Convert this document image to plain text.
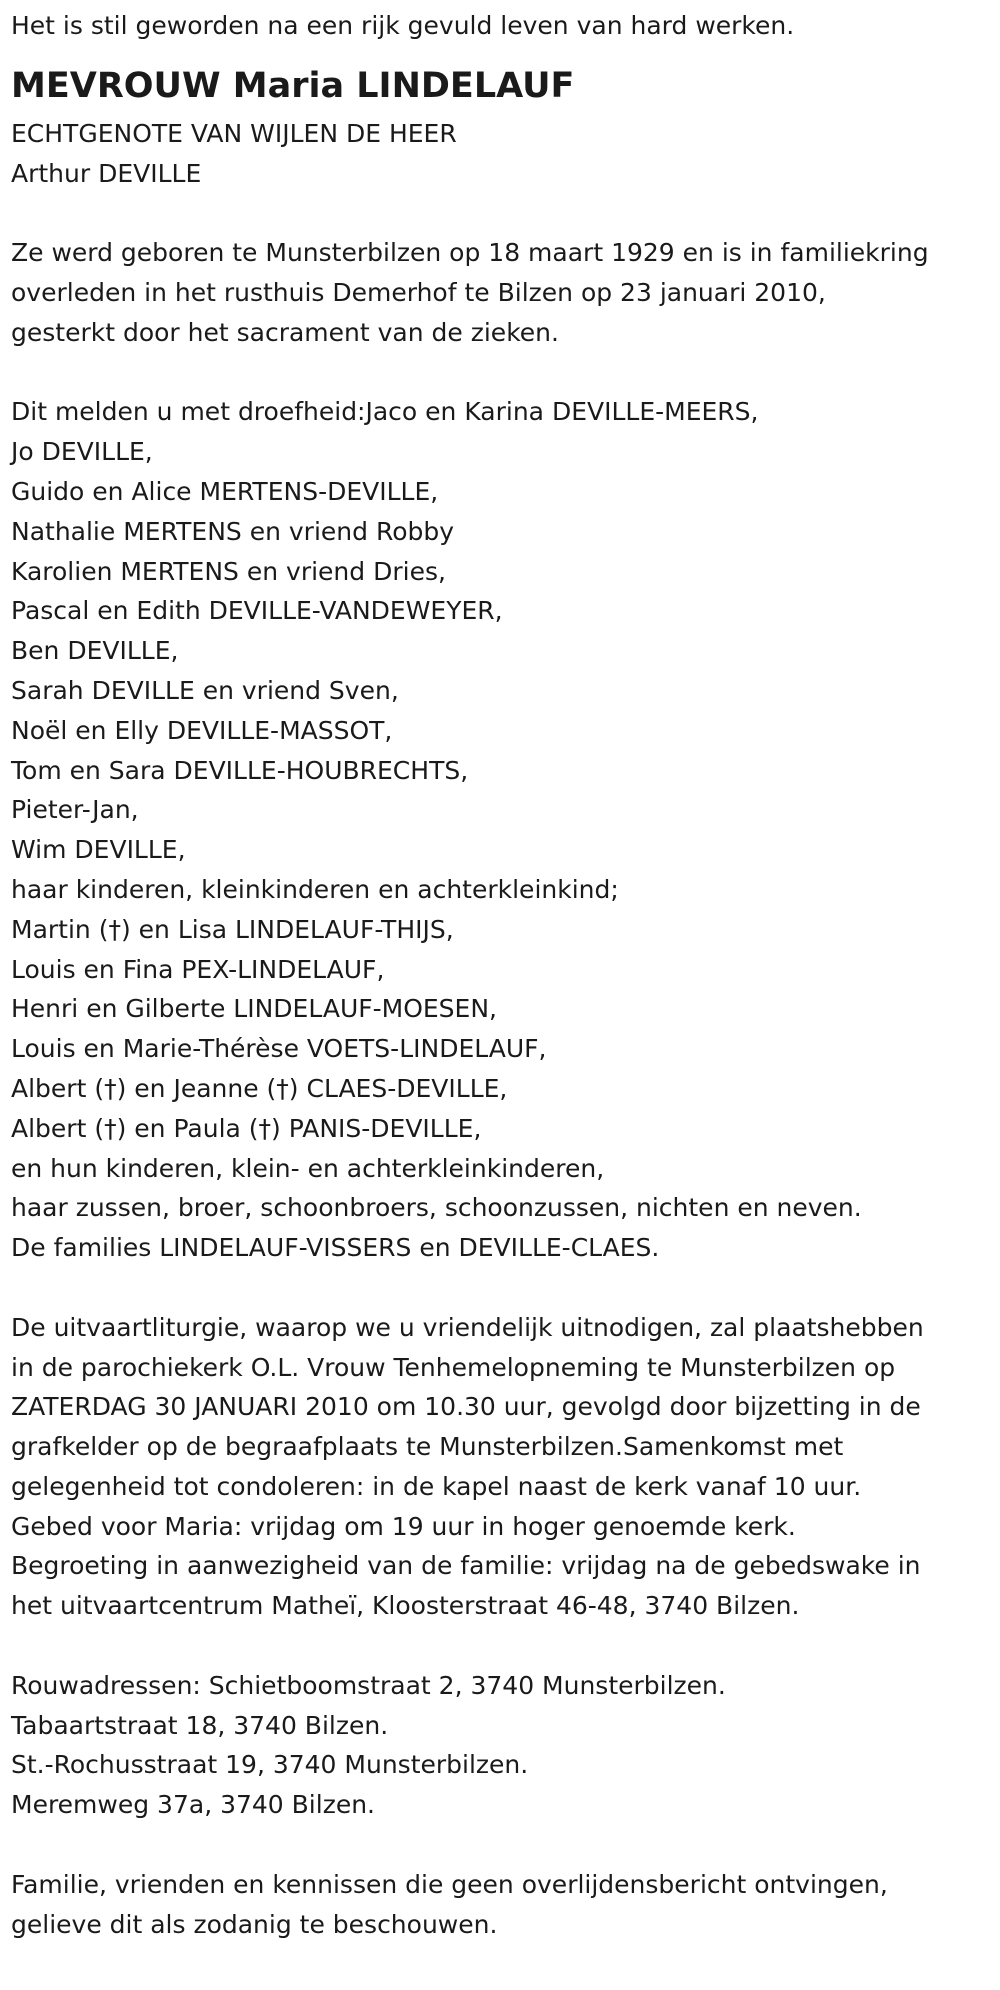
Het is stil geworden na een rijk gevuld leven van hard werken.
MEVROUW Maria LINDELAUF
ECHTGENOTE VAN WIJLEN DE HEER
Arthur DEVILLE
Ze werd geboren te Munsterbilzen op 18 maart 1929 en is in familiekring
overleden in het rusthuis Demerhof te Bilzen op 23 januari 2010,
gesterkt door het sacrament van de zieken.
Dit melden u met droefheid:Jaco en Karina DEVILLE-MEERS,
Jo DEVILLE,
Guido en Alice MERTENS-DEVILLE,
Nathalie MERTENS en vriend Robby
Karolien MERTENS en vriend Dries,
Pascal en Edith DEVILLE-VANDEWEYER,
Ben DEVILLE,
Sarah DEVILLE en vriend Sven,
Noël en Elly DEVILLE-MASSOT,
Tom en Sara DEVILLE-HOUBRECHTS,
Pieter-Jan,
Wim DEVILLE,
haar kinderen, kleinkinderen en achterkleinkind;
Martin (†) en Lisa LINDELAUF-THIJS,
Louis en Fina PEX-LINDELAUF,
Henri en Gilberte LINDELAUF-MOESEN,
Louis en Marie-Thérèse VOETS-LINDELAUF,
Albert (†) en Jeanne (†) CLAES-DEVILLE,
Albert (†) en Paula (†) PANIS-DEVILLE,
en hun kinderen, klein- en achterkleinkinderen,
haar zussen, broer, schoonbroers, schoonzussen, nichten en neven.
De families LINDELAUF-VISSERS en DEVILLE-CLAES.
De uitvaartliturgie, waarop we u vriendelijk uitnodigen, zal plaatshebben
in de parochiekerk O.L. Vrouw Tenhemelopneming te Munsterbilzen op
ZATERDAG 30 JANUARI 2010 om 10.30 uur, gevolgd door bijzetting in de
grafkelder op de begraafplaats te Munsterbilzen.Samenkomst met
gelegenheid tot condoleren: in de kapel naast de kerk vanaf 10 uur.
Gebed voor Maria: vrijdag om 19 uur in hoger genoemde kerk.
Begroeting in aanwezigheid van de familie: vrijdag na de gebedswake in
het uitvaartcentrum Matheï, Kloosterstraat 46-48, 3740 Bilzen.
Rouwadressen: Schietboomstraat 2, 3740 Munsterbilzen.
Tabaartstraat 18, 3740 Bilzen.
St.-Rochusstraat 19, 3740 Munsterbilzen.
Meremweg 37a, 3740 Bilzen.
Familie, vrienden en kennissen die geen overlijdensbericht ontvingen,
gelieve dit als zodanig te beschouwen.
